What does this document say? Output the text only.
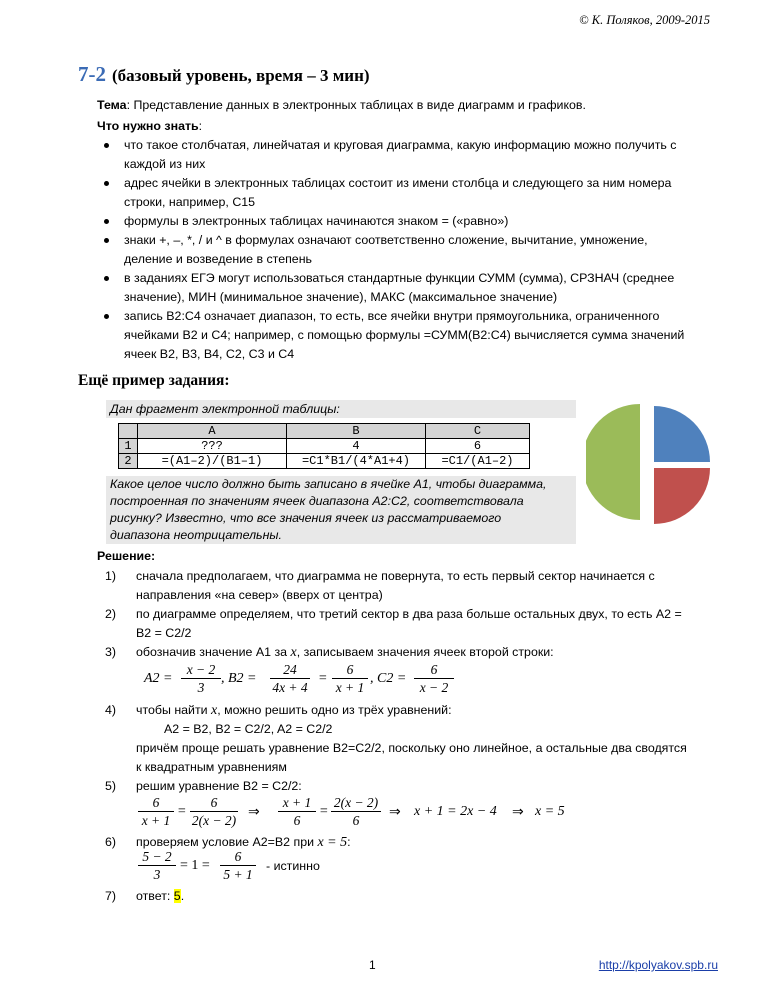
© К. Поляков, 2009-2015
7-2 (базовый уровень, время – 3 мин)
Тема: Представление данных в электронных таблицах в виде диаграмм и графиков.
Что нужно знать:
что такое столбчатая, линейчатая и круговая диаграмма, какую информацию можно получить с
каждой из них
адрес ячейки в электронных таблицах состоит из имени столбца и следующего за ним номера
строки, например, C15
формулы в электронных таблицах начинаются знаком = («равно»)
знаки +, –, *, / и ^ в формулах означают соответственно сложение, вычитание, умножение,
деление и возведение в степень
в заданиях ЕГЭ могут использоваться стандартные функции СУММ (сумма), СРЗНАЧ (среднее
значение), МИН (минимальное значение), МАКС (максимальное значение)
запись B2:C4 означает диапазон, то есть, все ячейки внутри прямоугольника, ограниченного
ячейками B2 и C4; например, с помощью формулы =СУММ(B2:C4) вычисляется сумма значений
ячеек B2, B3, B4, C2, C3 и C4
Ещё пример задания:
Дан фрагмент электронной таблицы:
	A	B	C
1	???	4	6
2	=(A1–2)/(B1–1)	=C1*B1/(4*A1+4)	=C1/(A1–2)
Какое целое число должно быть записано в ячейке A1, чтобы диаграмма,
построенная по значениям ячеек диапазона A2:C2, соответствовала
рисунку? Известно, что все значения ячеек из рассматриваемого
диапазона неотрицательны.
Решение:
1) сначала предполагаем, что диаграмма не повернута, то есть первый сектор начинается с
направления «на север» (вверх от центра)
2) по диаграмме определяем, что третий сектор в два раза больше остальных двух, то есть A2 =
B2 = C2/2
3) обозначив значение A1 за x, записываем значения ячеек второй строки:
A2 =
x − 2
3
, B2 =
24
4x + 4
=
6
x + 1
, C2 =
6
x − 2
4) чтобы найти x, можно решить одно из трёх уравнений:
A2 = B2, B2 = C2/2, A2 = C2/2
причём проще решать уравнение B2=C2/2, поскольку оно линейное, а остальные два сводятся
к квадратным уравнениям
5) решим уравнение B2 = C2/2:
6
x + 1
=
6
2(x − 2)
⇒
x + 1
6
=
2(x − 2)
6
⇒ x + 1 = 2x − 4 ⇒ x = 5
6) проверяем условие A2=B2 при x = 5:
5 − 2
3
= 1 =
6
5 + 1
- истинно
7) ответ: 5.
1	http://kpolyakov.spb.ru
